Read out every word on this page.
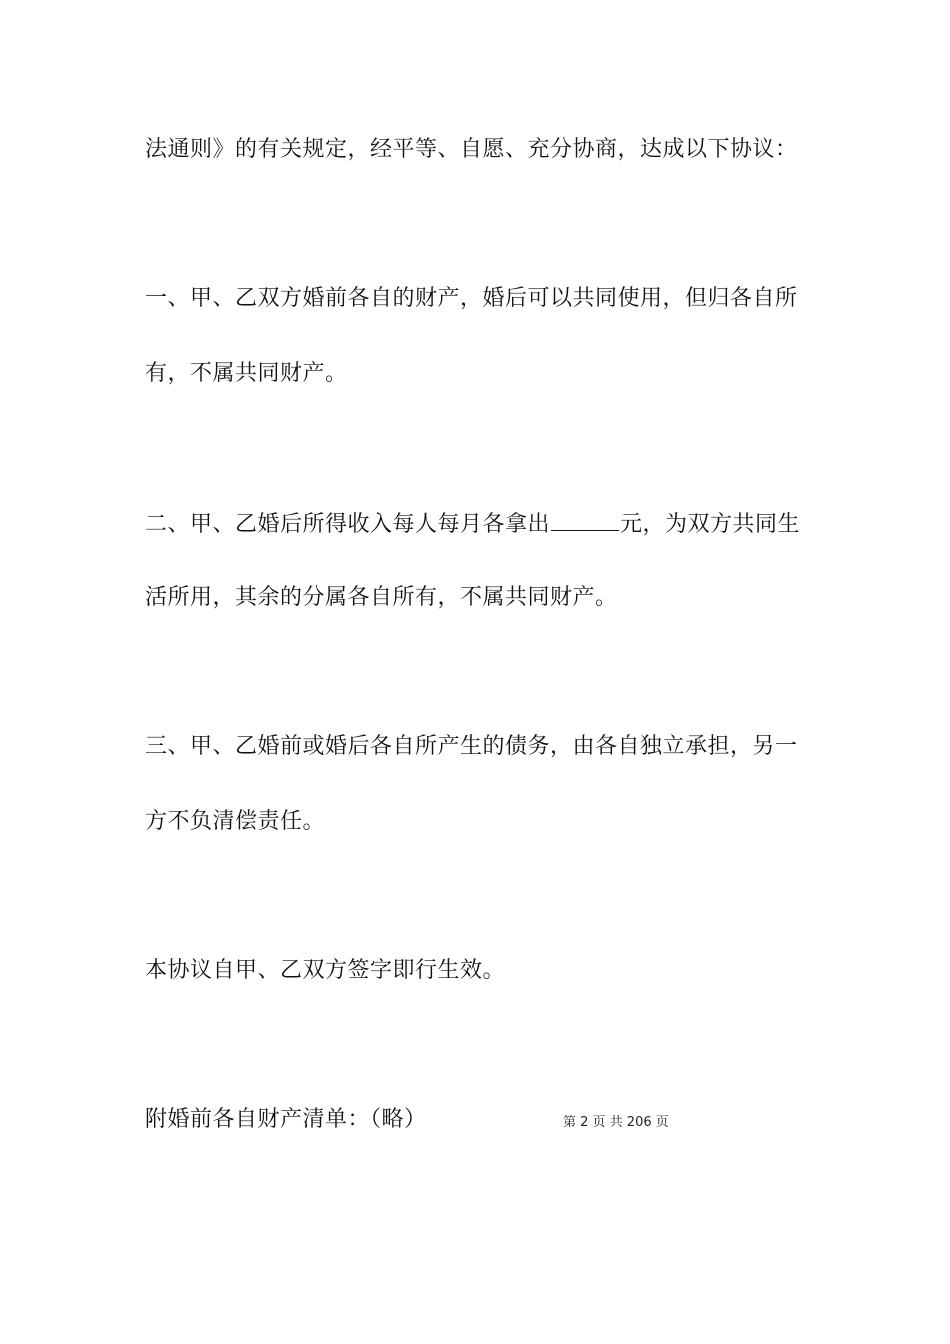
法通则》的有关规定，经平等、自愿、充分协商，达成以下协议：
一、甲、乙双方婚前各自的财产，婚后可以共同使用，但归各自所
有，不属共同财产。
二、甲、乙婚后所得收入每人每月各拿出	元，为双方共同生
活所用，其余的分属各自所有，不属共同财产。
三、甲、乙婚前或婚后各自所产生的债务，由各自独立承担，另一
方不负清偿责任。
本协议自甲、乙双方签字即行生效。
附婚前各自财产清单：（略）	第 2 页 共 206 页
